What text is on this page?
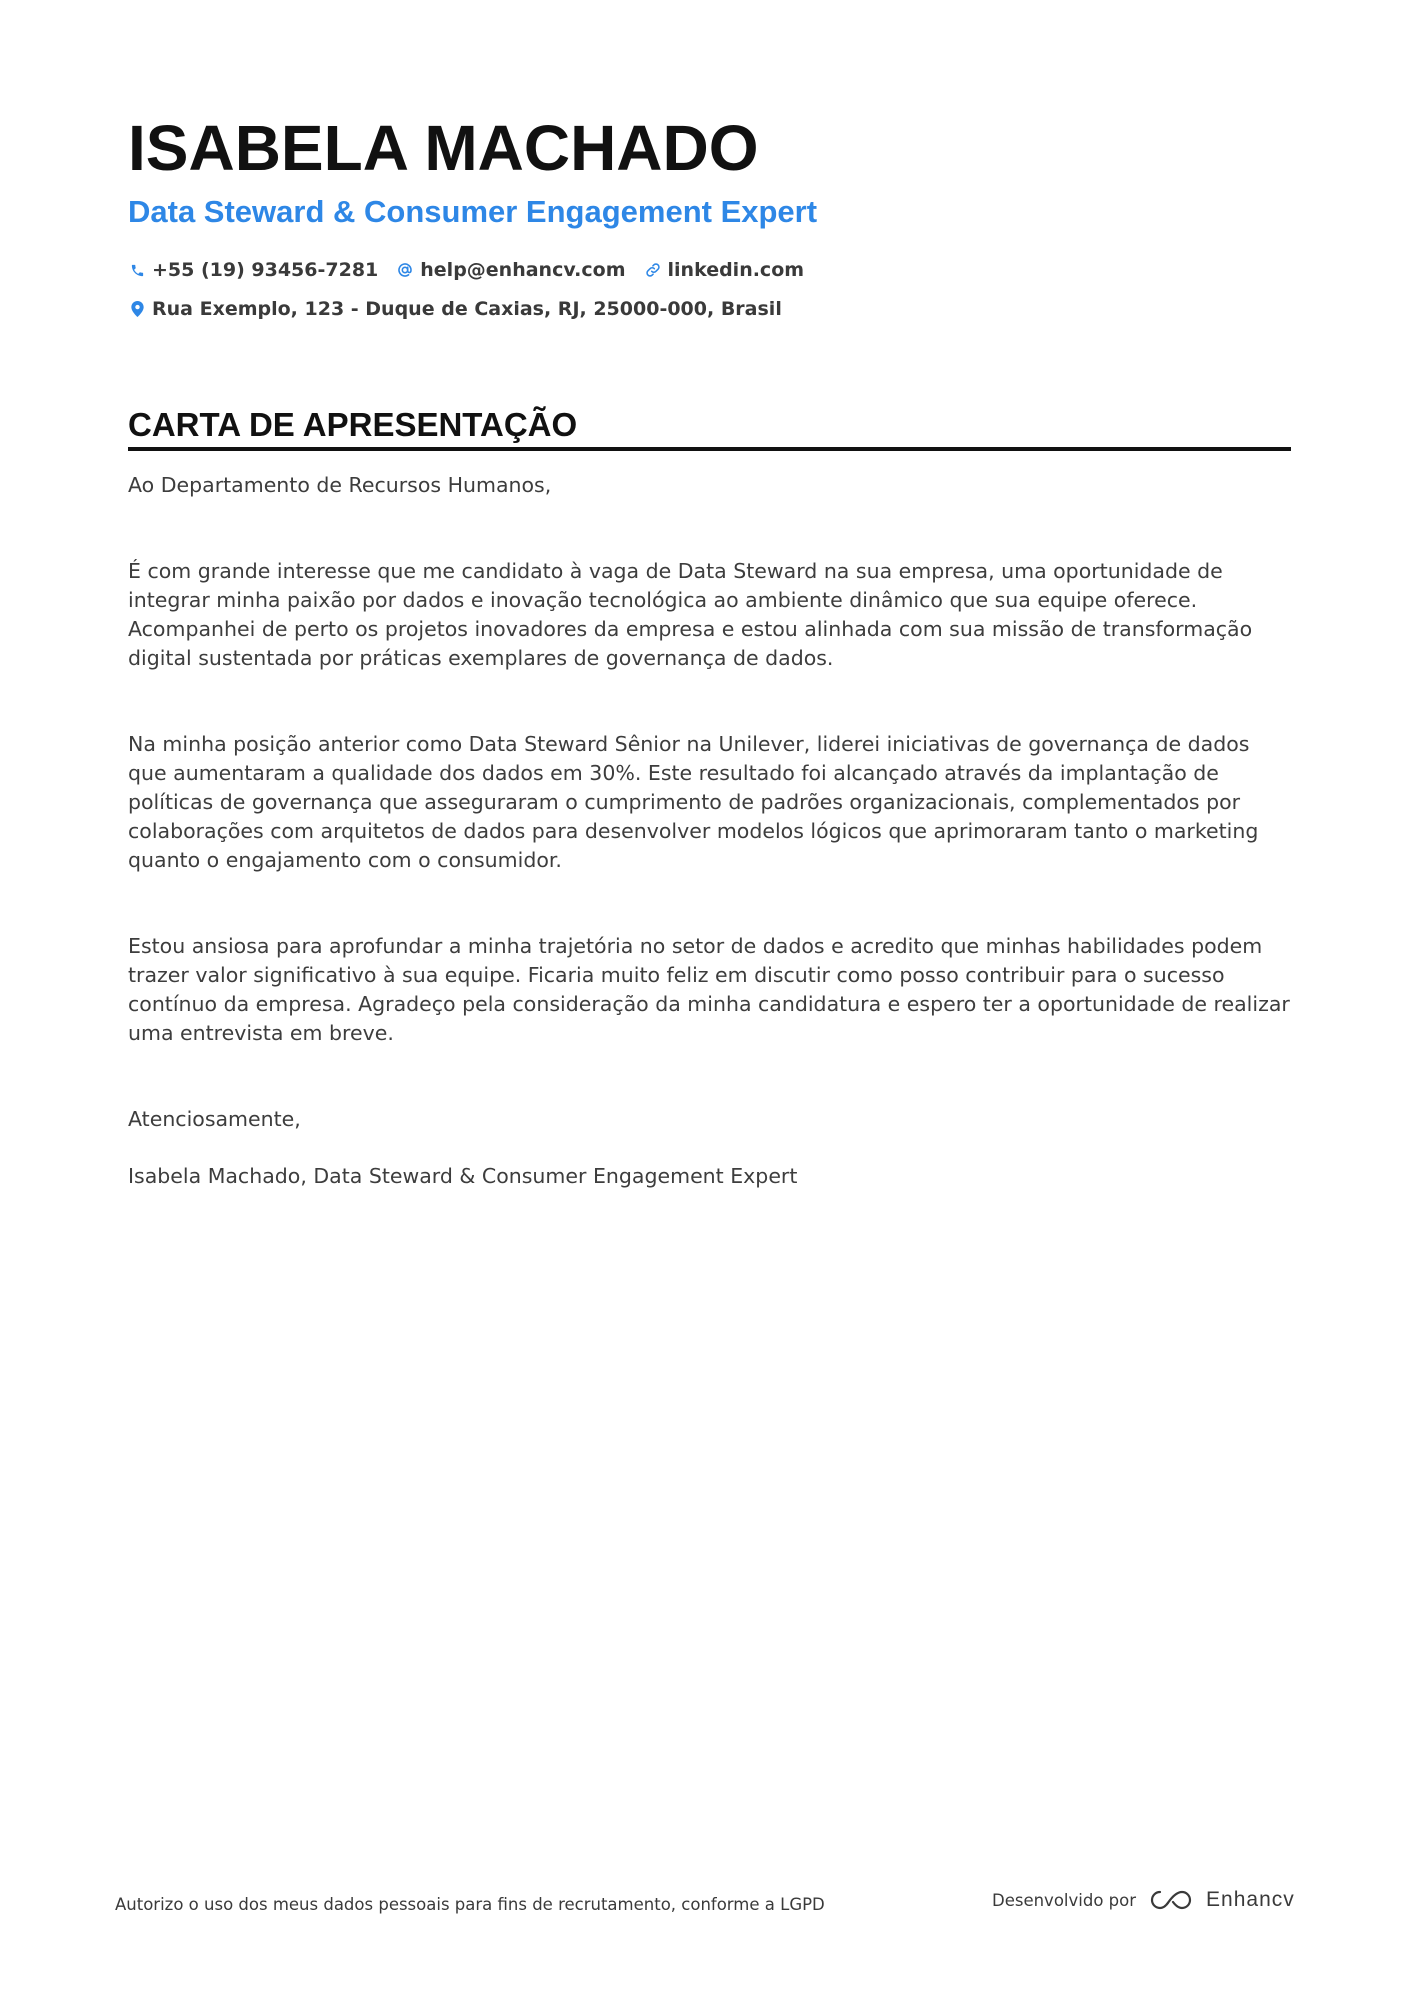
ISABELA MACHADO
Data Steward & Consumer Engagement Expert
+55 (19) 93456-7281 help@enhancv.com linkedin.com
Rua Exemplo, 123 - Duque de Caxias, RJ, 25000-000, Brasil
CARTA DE APRESENTAÇÃO

Ao Departamento de Recursos Humanos,

É com grande interesse que me candidato à vaga de Data Steward na sua empresa, uma oportunidade de integrar minha paixão por dados e inovação tecnológica ao ambiente dinâmico que sua equipe oferece. Acompanhei de perto os projetos inovadores da empresa e estou alinhada com sua missão de transformação digital sustentada por práticas exemplares de governança de dados.

Na minha posição anterior como Data Steward Sênior na Unilever, liderei iniciativas de governança de dados que aumentaram a qualidade dos dados em 30%. Este resultado foi alcançado através da implantação de políticas de governança que asseguraram o cumprimento de padrões organizacionais, complementados por colaborações com arquitetos de dados para desenvolver modelos lógicos que aprimoraram tanto o marketing quanto o engajamento com o consumidor.

Estou ansiosa para aprofundar a minha trajetória no setor de dados e acredito que minhas habilidades podem trazer valor significativo à sua equipe. Ficaria muito feliz em discutir como posso contribuir para o sucesso contínuo da empresa. Agradeço pela consideração da minha candidatura e espero ter a oportunidade de realizar uma entrevista em breve.

Atenciosamente,

Isabela Machado, Data Steward & Consumer Engagement Expert

Autorizo o uso dos meus dados pessoais para fins de recrutamento, conforme a LGPD	Desenvolvido por	Enhancv
